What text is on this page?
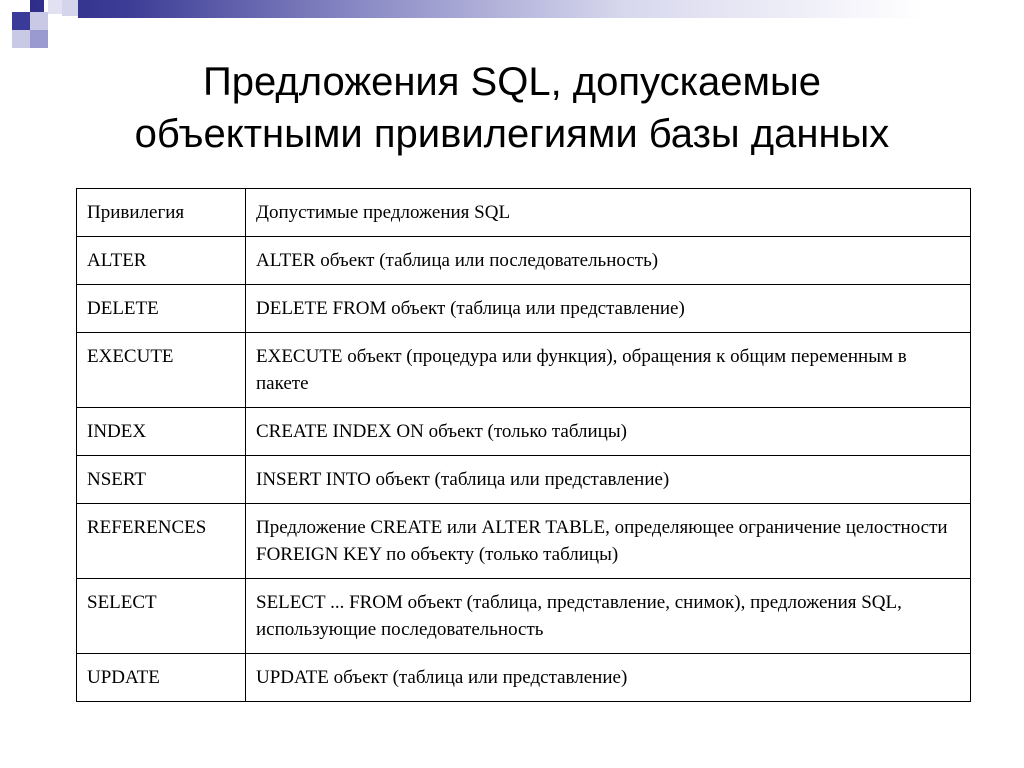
Предложения SQL, допускаемые
объектными привилегиями базы данных
Привилегия	Допустимые предложения SQL
ALTER	ALTER объект (таблица или последовательность)
DELETE	DELETE FROM объект (таблица или представление)
EXECUTE	EXECUTE объект (процедура или функция), обращения к общим переменным в пакете
INDEX	CREATE INDEX ON объект (только таблицы)
NSERT	INSERT INTO объект (таблица или представление)
REFERENCES	Предложение CREATE или ALTER TABLE, определяющее ограничение целостности FOREIGN KEY по объекту (только таблицы)
SELECT	SELECT ... FROM объект (таблица, представление, снимок), предложения SQL, использующие последовательность
UPDATE	UPDATE объект (таблица или представление)
